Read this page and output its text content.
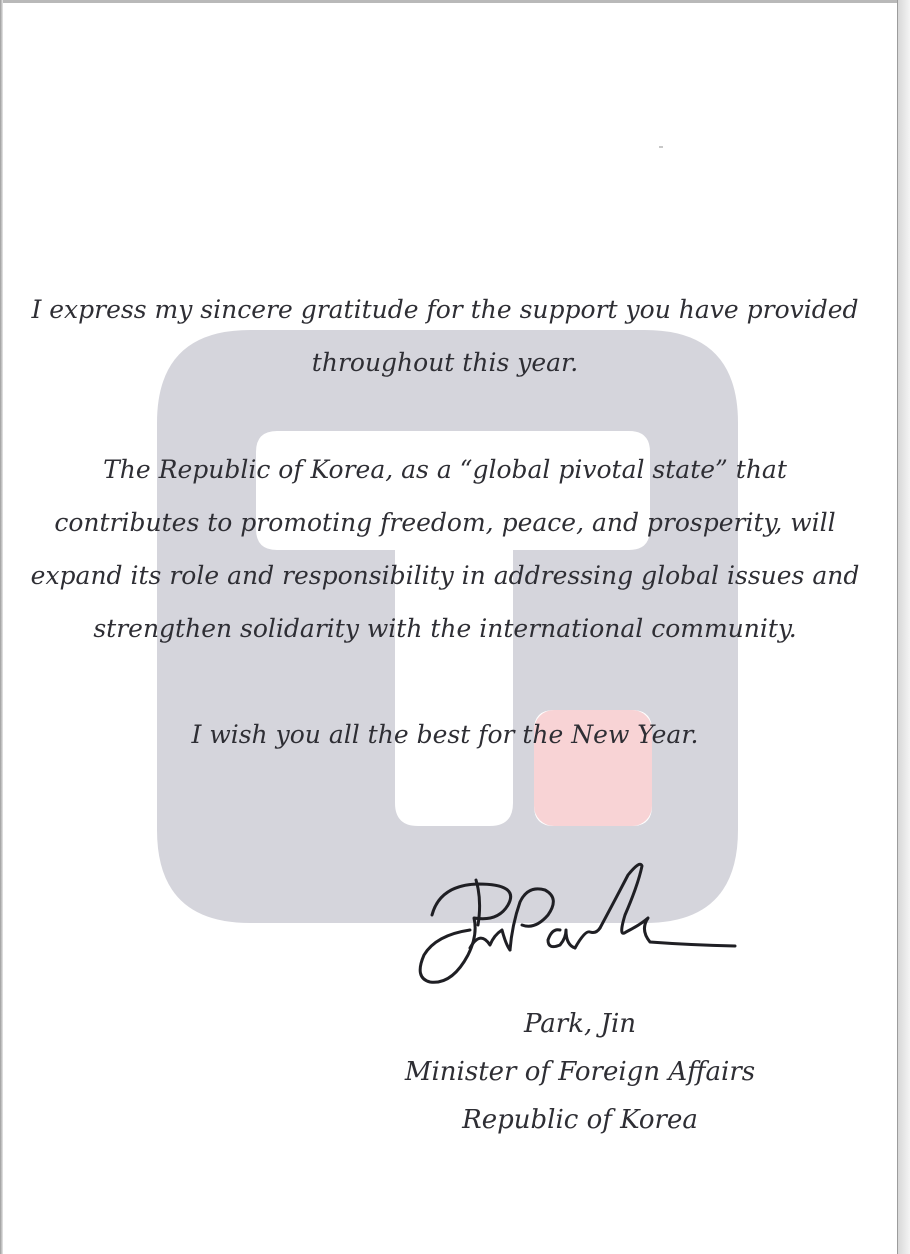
I express my sincere gratitude for the support you have provided throughout this year.

The Republic of Korea, as a “global pivotal state” that contributes to promoting freedom, peace, and prosperity, will expand its role and responsibility in addressing global issues and strengthen solidarity with the international community.

I wish you all the best for the New Year.

Park, Jin
Minister of Foreign Affairs
Republic of Korea
